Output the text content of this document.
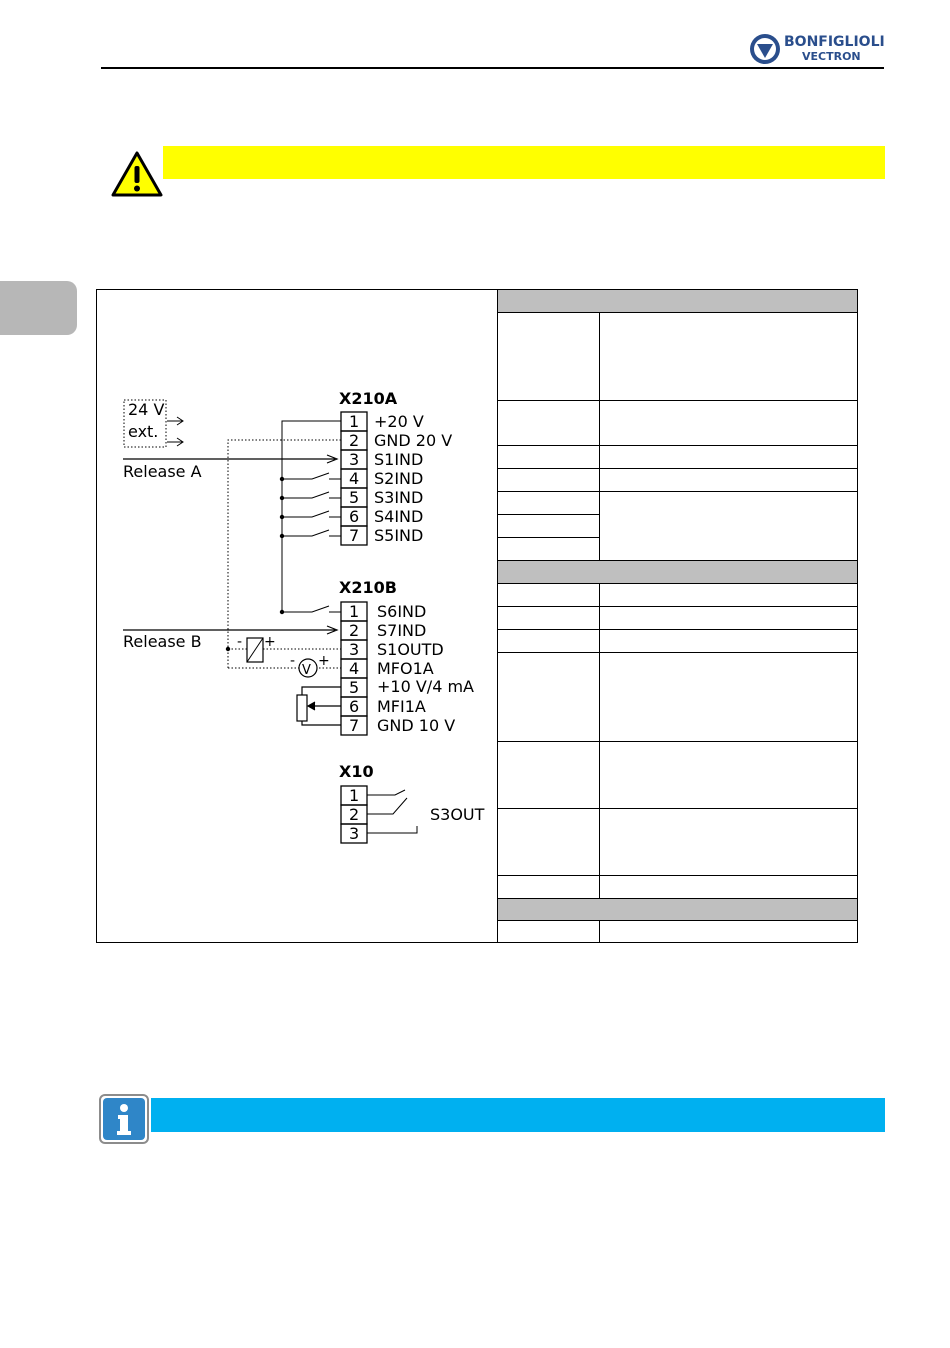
BONFIGLIOLI
VECTRON
24 V
ext.
X210A
1
2
3
4
5
6
7
+20 V
GND 20 V
S1IND
S2IND
S3IND
S4IND
S5IND
Release A
X210B
1
2
3
4
5
6
7
S6IND
S7IND
S1OUTD
MFO1A
+10 V/4 mA
MFI1A
GND 10 V
Release B	- +
V
- +
X10
1
2
3
S3OUT
